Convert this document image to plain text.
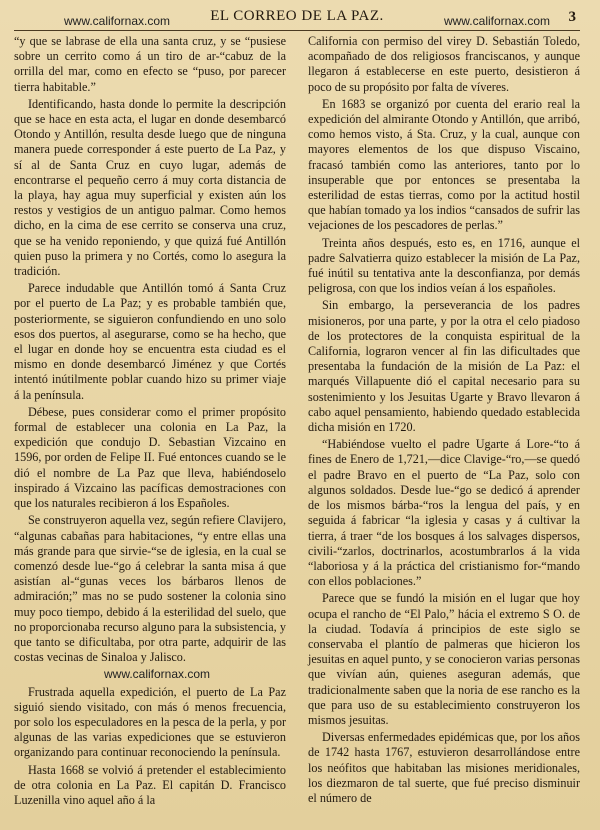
www.californax.com	EL CORREO DE LA PAZ.	www.californax.com 3

“y que se labrase de ella una santa cruz, y se “pusiese sobre un cerrito como á un tiro de ar-“cabuz de la orrilla del mar, como en efecto se “puso, por parecer tierra habitable.”

Identificando, hasta donde lo permite la descripción que se hace en esta acta, el lugar en donde desembarcó Otondo y Antillón, resulta desde luego que de ninguna manera puede corresponder á este puerto de La Paz, y sí al de Santa Cruz en cuyo lugar, además de encontrarse el pequeño cerro á muy corta distancia de la playa, hay agua muy superficial y existen aún los restos y vestigios de un antiguo palmar. Como hemos dicho, en la cima de ese cerrito se conserva una cruz, que se ha venido reponiendo, y que quizá fué Antillón quien puso la primera y no Cortés, como lo asegura la tradición.

Parece indudable que Antillón tomó á Santa Cruz por el puerto de La Paz; y es probable también que, posteriormente, se siguieron confundiendo en uno solo esos dos puertos, al asegurarse, como se ha hecho, que el lugar en donde hoy se encuentra esta ciudad es el mismo en donde desembarcó Jiménez y que Cortés intentó inútilmente poblar cuando hizo su primer viaje á la península.

Débese, pues considerar como el primer propósito formal de establecer una colonia en La Paz, la expedición que condujo D. Sebastian Vizcaino en 1596, por orden de Felipe II. Fué entonces cuando se le dió el nombre de La Paz que lleva, habiéndoselo inspirado á Vizcaino las pacíficas demostraciones con que los naturales recibieron á los Españoles.

Se construyeron aquella vez, según refiere Clavijero, “algunas cabañas para habitaciones, “y entre ellas una más grande para que sirvie-“se de iglesia, en la cual se comenzó desde lue-“go á celebrar la santa misa á que asistían al-“gunas veces los bárbaros llenos de admiración;” mas no se pudo sostener la colonia sino muy poco tiempo, debido á la esterilidad del suelo, que no proporcionaba recurso alguno para la subsistencia, y que tanto se dificultaba, por otra parte, adquirir de las costas vecinas de Sinaloa y Jalisco.

www.californax.com

Frustrada aquella expedición, el puerto de La Paz siguió siendo visitado, con más ó menos frecuencia, por solo los especuladores en la pesca de la perla, y por algunas de las varias expediciones que se estuvieron organizando para continuar reconociendo la península.

Hasta 1668 se volvió á pretender el establecimiento de otra colonia en La Paz. El capitán D. Francisco Luzenilla vino aquel año á la

California con permiso del virey D. Sebastián Toledo, acompañado de dos religiosos franciscanos, y aunque llegaron á establecerse en este puerto, desistieron á poco de su propósito por falta de víveres.

En 1683 se organizó por cuenta del erario real la expedición del almirante Otondo y Antillón, que arribó, como hemos visto, á Sta. Cruz, y la cual, aunque con mayores elementos de los que dispuso Viscaino, fracasó también como las anteriores, tanto por lo insuperable que por entonces se presentaba la esterilidad de estas tierras, como por la actitud hostil que habían tomado ya los indios “cansados de sufrir las vejaciones de los pescadores de perlas.”

Treinta años después, esto es, en 1716, aunque el padre Salvatierra quizo establecer la misión de La Paz, fué inútil su tentativa ante la desconfianza, por demás peligrosa, con que los indios veían á los españoles.

Sin embargo, la perseverancia de los padres misioneros, por una parte, y por la otra el celo piadoso de los protectores de la conquista espiritual de la California, lograron vencer al fin las dificultades que presentaba la fundación de la misión de La Paz: el marqués Villapuente dió el capital necesario para su sostenimiento y los Jesuitas Ugarte y Bravo llevaron á cabo aquel pensamiento, habiendo quedado establecida dicha misión en 1720.

“Habiéndose vuelto el padre Ugarte á Lore-“to á fines de Enero de 1,721,—dice Clavige-“ro,—se quedó el padre Bravo en el puerto de “La Paz, solo con algunos soldados. Desde lue-“go se dedicó á aprender de los mismos bárba-“ros la lengua del país, y en seguida á fabricar “la iglesia y casas y á cultivar la tierra, á traer “de los bosques á los salvages dispersos, civili-“zarlos, doctrinarlos, acostumbrarlos á la vida “laboriosa y á la práctica del cristianismo for-“mando con ellos poblaciones.”

Parece que se fundó la misión en el lugar que hoy ocupa el rancho de “El Palo,” hácia el extremo S O. de la ciudad. Todavía á principios de este siglo se conservaba el plantío de palmeras que hicieron los jesuitas en aquel punto, y se conocieron varias personas que vivían aún, quienes aseguran además, que tradicionalmente saben que la noria de ese rancho es la que para uso de su establecimiento construyeron los mismos jesuitas.

Diversas enfermedades epidémicas que, por los años de 1742 hasta 1767, estuvieron desarrollándose entre los neófitos que habitaban las misiones meridionales, los diezmaron de tal suerte, que fué preciso disminuir el número de
